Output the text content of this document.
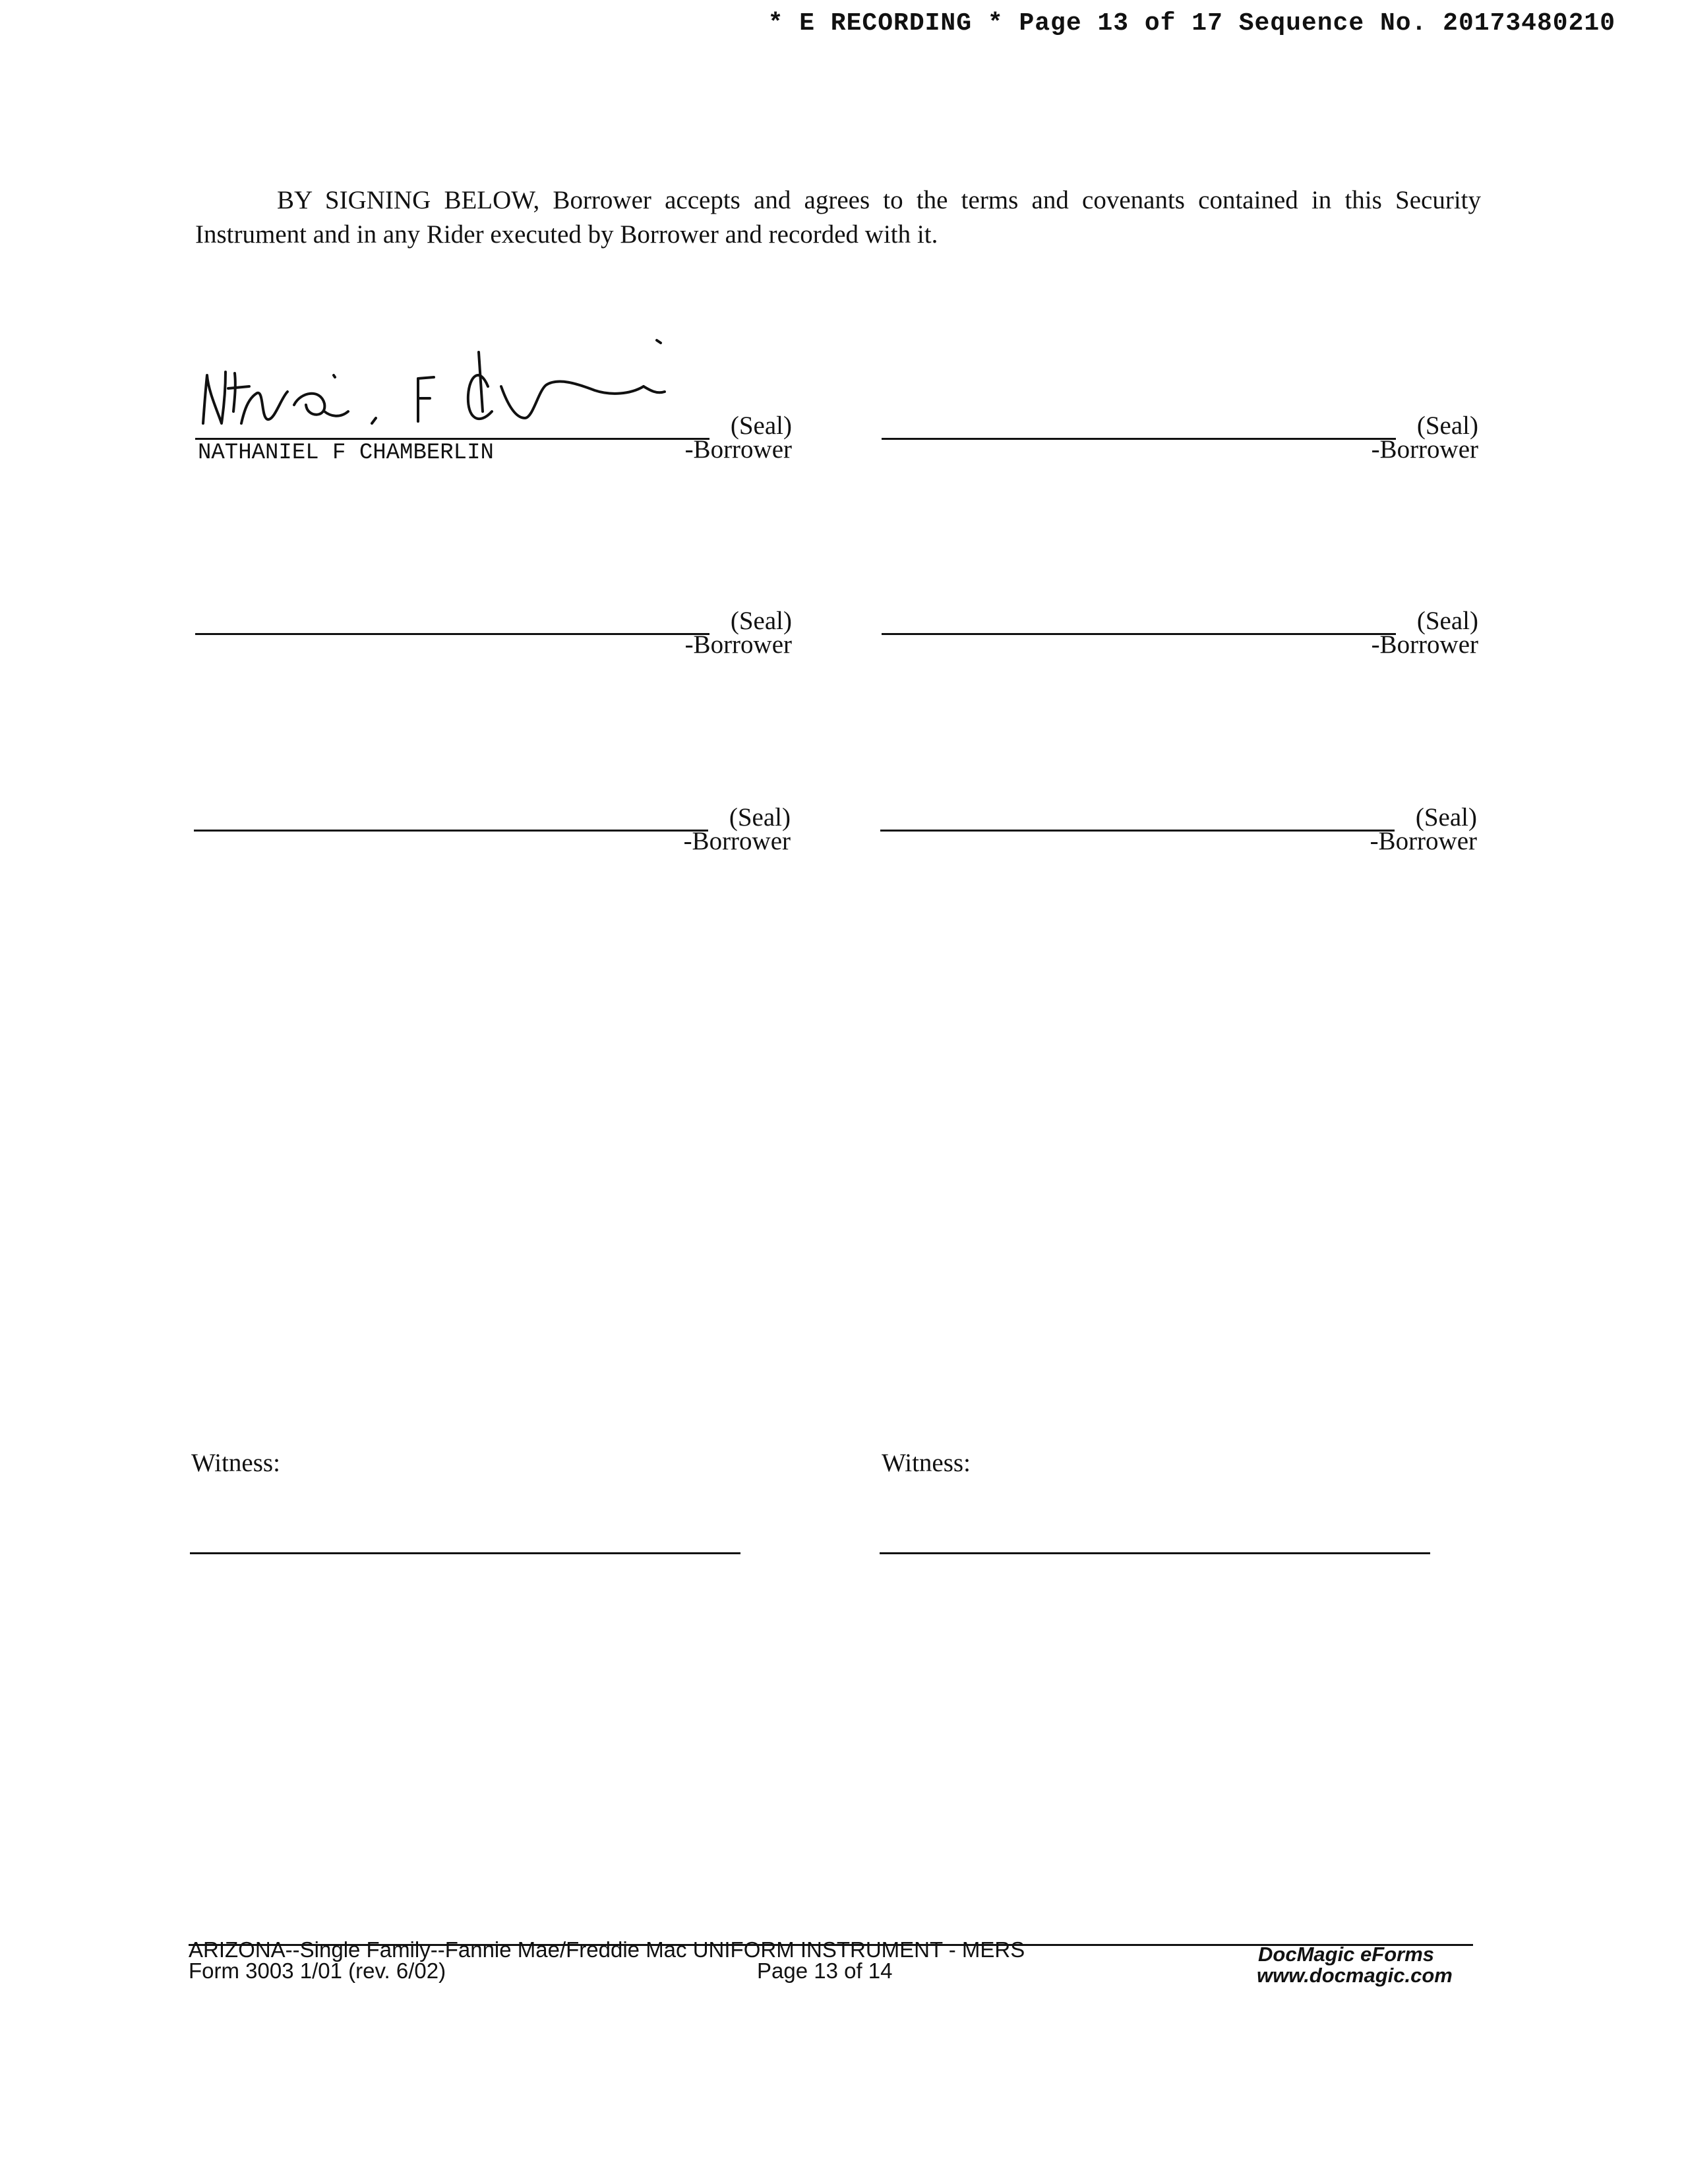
* E RECORDING * Page 13 of 17 Sequence No. 20173480210

BY SIGNING BELOW, Borrower accepts and agrees to the terms and covenants contained in this Security Instrument and in any Rider executed by Borrower and recorded with it.

(Seal)
-Borrower
NATHANIEL F CHAMBERLIN
(Seal)
-Borrower
(Seal)
-Borrower
(Seal)
-Borrower
(Seal)
-Borrower
(Seal)
-Borrower
Witness:	Witness:
ARIZONA--Single Family--Fannie Mae/Freddie Mac UNIFORM INSTRUMENT - MERS
Form 3003 1/01 (rev. 6/02)	Page 13 of 14
DocMagic eForms
www.docmagic.com
